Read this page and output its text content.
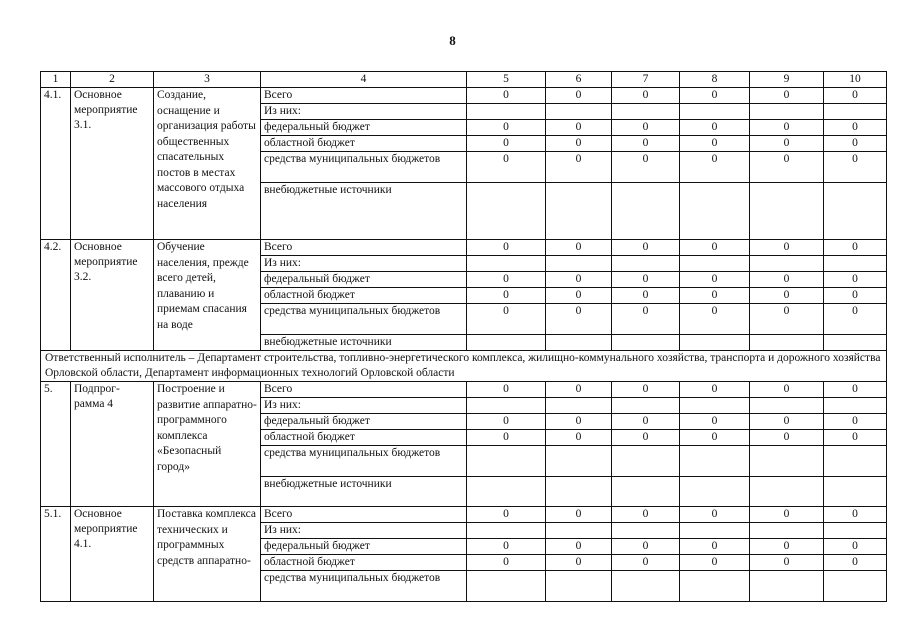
8
1	2	3	4	5	6	7	8	9	10
4.1.	Основное мероприятие 3.1.	Создание, оснащение и организация работы общественных спасательных постов в местах массового отдыха населения	Всего	0	0	0	0	0	0
			Из них:						
			федеральный бюджет	0	0	0	0	0	0
			областной бюджет	0	0	0	0	0	0
			средства муниципальных бюджетов	0	0	0	0	0	0
			внебюджетные источники						
4.2.	Основное мероприятие 3.2.	Обучение населения, прежде всего детей, плаванию и приемам спасания на воде	Всего	0	0	0	0	0	0
			Из них:						
			федеральный бюджет	0	0	0	0	0	0
			областной бюджет	0	0	0	0	0	0
			средства муниципальных бюджетов	0	0	0	0	0	0
			внебюджетные источники						
Ответственный исполнитель – Департамент строительства, топливно-энергетического комплекса, жилищно-коммунального хозяйства, транспорта и дорожного хозяйства Орловской области, Департамент информационных технологий Орловской области									
5.	Подпрог-рамма 4	Построение и развитие аппаратно-программного комплекса «Безопасный город»	Всего	0	0	0	0	0	0
			Из них:						
			федеральный бюджет	0	0	0	0	0	0
			областной бюджет	0	0	0	0	0	0
			средства муниципальных бюджетов						
			внебюджетные источники						
5.1.	Основное мероприятие 4.1.	Поставка комплекса технических и программных средств аппаратно-	Всего	0	0	0	0	0	0
			Из них:						
			федеральный бюджет	0	0	0	0	0	0
			областной бюджет	0	0	0	0	0	0
			средства муниципальных бюджетов						
